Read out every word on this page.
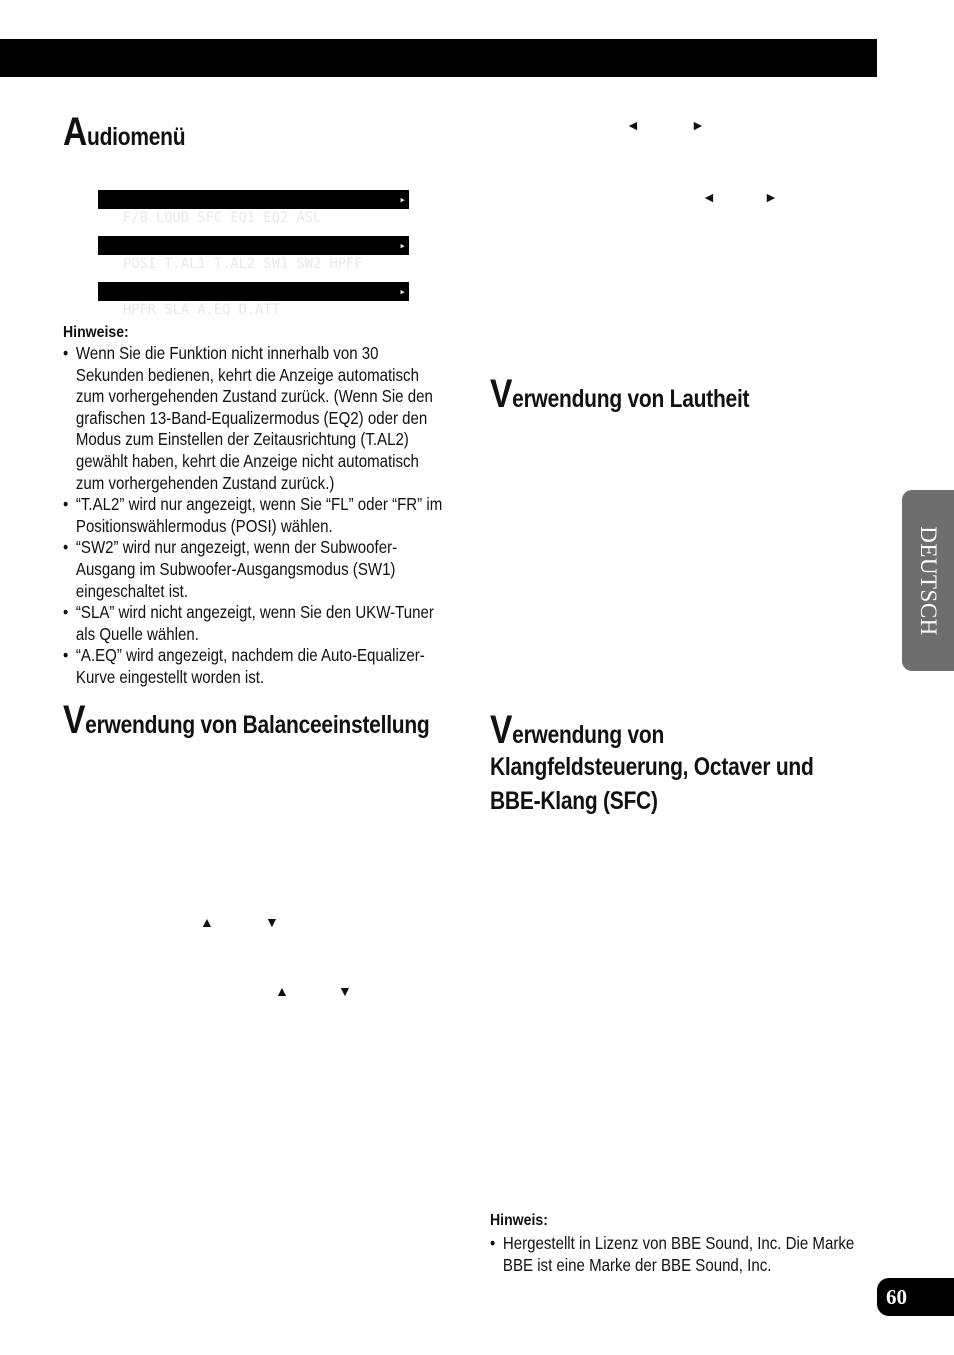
Audiomenü

F/B LOUD SFC EQ1 EQ2 ASL
▸

POSI T.AL1 T.AL2 SW1 SW2 HPFF
▸

HPFR SLA A.EQ D.ATT
▸

Hinweise:
• Wenn Sie die Funktion nicht innerhalb von 30 Sekunden bedienen, kehrt die Anzeige automatisch zum vorhergehenden Zustand zurück. (Wenn Sie den grafischen 13-Band-Equalizermodus (EQ2) oder den Modus zum Einstellen der Zeitausrichtung (T.AL2) gewählt haben, kehrt die Anzeige nicht automatisch zum vorhergehenden Zustand zurück.)
• “T.AL2” wird nur angezeigt, wenn Sie “FL” oder “FR” im Positionswählermodus (POSI) wählen.
• “SW2” wird nur angezeigt, wenn der Subwoofer-Ausgang im Subwoofer-Ausgangsmodus (SW1) eingeschaltet ist.
• “SLA” wird nicht angezeigt, wenn Sie den UKW-Tuner als Quelle wählen.
• “A.EQ” wird angezeigt, nachdem die Auto-Equalizer-Kurve eingestellt worden ist.
Verwendung von Balanceeinstellung
▲	▼
▲	▼
◄	►
◄	►
Verwendung von Lautheit
Verwendung von
Klangfeldsteuerung, Octaver und
BBE-Klang (SFC)
Hinweis:
• Hergestellt in Lizenz von BBE Sound, Inc. Die Marke BBE ist eine Marke der BBE Sound, Inc.
DEUTSCH
60
